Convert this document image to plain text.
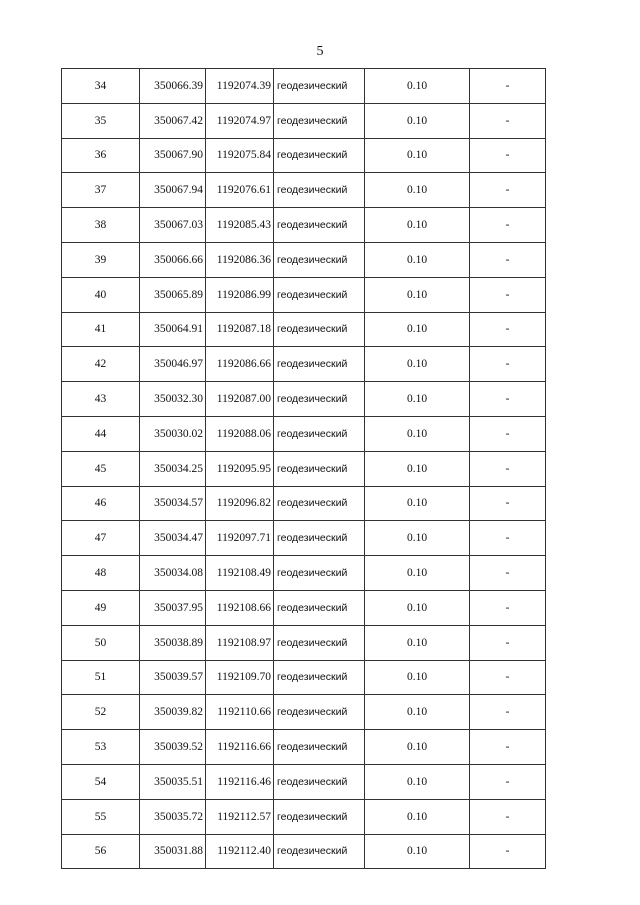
5
34	350066.39	1192074.39	геодезический	0.10	-
35	350067.42	1192074.97	геодезический	0.10	-
36	350067.90	1192075.84	геодезический	0.10	-
37	350067.94	1192076.61	геодезический	0.10	-
38	350067.03	1192085.43	геодезический	0.10	-
39	350066.66	1192086.36	геодезический	0.10	-
40	350065.89	1192086.99	геодезический	0.10	-
41	350064.91	1192087.18	геодезический	0.10	-
42	350046.97	1192086.66	геодезический	0.10	-
43	350032.30	1192087.00	геодезический	0.10	-
44	350030.02	1192088.06	геодезический	0.10	-
45	350034.25	1192095.95	геодезический	0.10	-
46	350034.57	1192096.82	геодезический	0.10	-
47	350034.47	1192097.71	геодезический	0.10	-
48	350034.08	1192108.49	геодезический	0.10	-
49	350037.95	1192108.66	геодезический	0.10	-
50	350038.89	1192108.97	геодезический	0.10	-
51	350039.57	1192109.70	геодезический	0.10	-
52	350039.82	1192110.66	геодезический	0.10	-
53	350039.52	1192116.66	геодезический	0.10	-
54	350035.51	1192116.46	геодезический	0.10	-
55	350035.72	1192112.57	геодезический	0.10	-
56	350031.88	1192112.40	геодезический	0.10	-
